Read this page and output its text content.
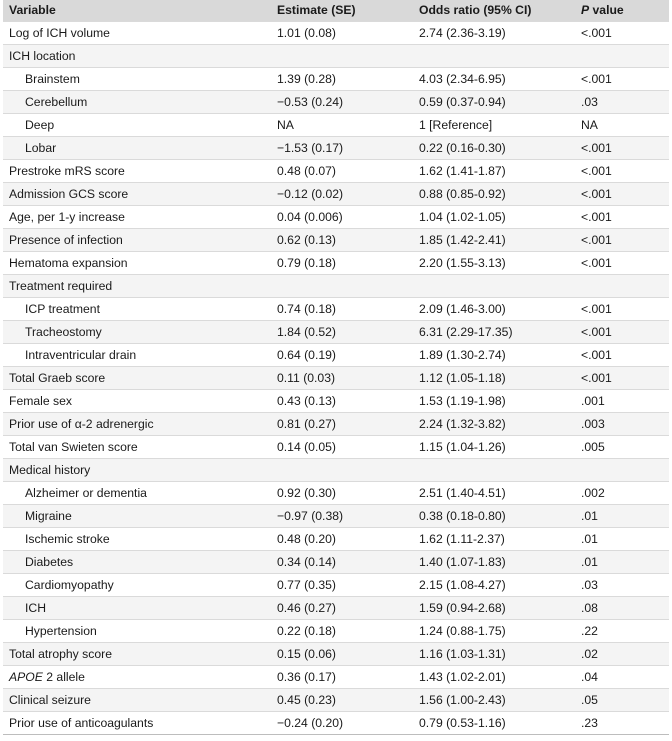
Variable	Estimate (SE)	Odds ratio (95% CI)	P value
Log of ICH volume	1.01 (0.08)	2.74 (2.36-3.19)	<.001
ICH location			
Brainstem	1.39 (0.28)	4.03 (2.34-6.95)	<.001
Cerebellum	−0.53 (0.24)	0.59 (0.37-0.94)	.03
Deep	NA	1 [Reference]	NA
Lobar	−1.53 (0.17)	0.22 (0.16-0.30)	<.001
Prestroke mRS score	0.48 (0.07)	1.62 (1.41-1.87)	<.001
Admission GCS score	−0.12 (0.02)	0.88 (0.85-0.92)	<.001
Age, per 1-y increase	0.04 (0.006)	1.04 (1.02-1.05)	<.001
Presence of infection	0.62 (0.13)	1.85 (1.42-2.41)	<.001
Hematoma expansion	0.79 (0.18)	2.20 (1.55-3.13)	<.001
Treatment required			
ICP treatment	0.74 (0.18)	2.09 (1.46-3.00)	<.001
Tracheostomy	1.84 (0.52)	6.31 (2.29-17.35)	<.001
Intraventricular drain	0.64 (0.19)	1.89 (1.30-2.74)	<.001
Total Graeb score	0.11 (0.03)	1.12 (1.05-1.18)	<.001
Female sex	0.43 (0.13)	1.53 (1.19-1.98)	.001
Prior use of α-2 adrenergic	0.81 (0.27)	2.24 (1.32-3.82)	.003
Total van Swieten score	0.14 (0.05)	1.15 (1.04-1.26)	.005
Medical history			
Alzheimer or dementia	0.92 (0.30)	2.51 (1.40-4.51)	.002
Migraine	−0.97 (0.38)	0.38 (0.18-0.80)	.01
Ischemic stroke	0.48 (0.20)	1.62 (1.11-2.37)	.01
Diabetes	0.34 (0.14)	1.40 (1.07-1.83)	.01
Cardiomyopathy	0.77 (0.35)	2.15 (1.08-4.27)	.03
ICH	0.46 (0.27)	1.59 (0.94-2.68)	.08
Hypertension	0.22 (0.18)	1.24 (0.88-1.75)	.22
Total atrophy score	0.15 (0.06)	1.16 (1.03-1.31)	.02
APOE 2 allele	0.36 (0.17)	1.43 (1.02-2.01)	.04
Clinical seizure	0.45 (0.23)	1.56 (1.00-2.43)	.05
Prior use of anticoagulants	−0.24 (0.20)	0.79 (0.53-1.16)	.23
